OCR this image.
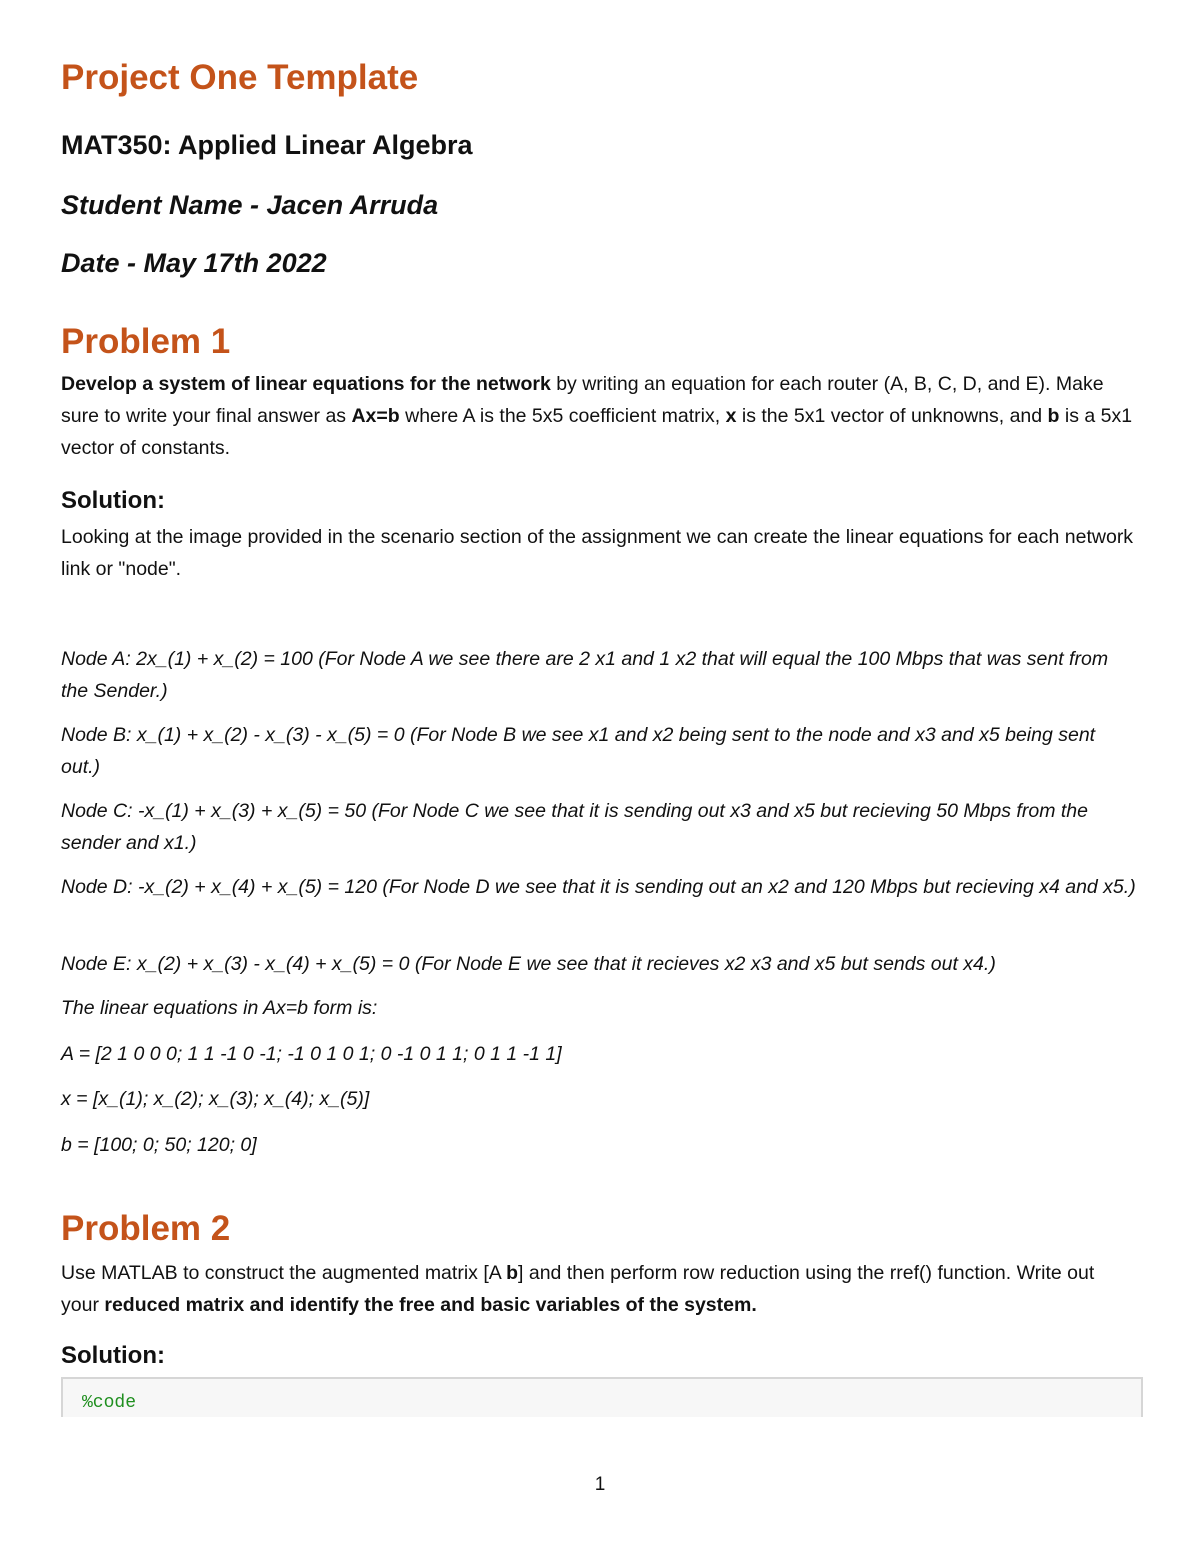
Project One Template

MAT350: Applied Linear Algebra

Student Name - Jacen Arruda

Date - May 17th 2022

Problem 1

Develop a system of linear equations for the network by writing an equation for each router (A, B, C, D, and E). Make sure to write your final answer as Ax=b where A is the 5x5 coefficient matrix, x is the 5x1 vector of unknowns, and b is a 5x1 vector of constants.

Solution:

Looking at the image provided in the scenario section of the assignment we can create the linear equations for each network link or "node".

Node A: 2x_(1) + x_(2) = 100 (For Node A we see there are 2 x1 and 1 x2 that will equal the 100 Mbps that was sent from the Sender.)

Node B: x_(1) + x_(2) - x_(3) - x_(5) = 0 (For Node B we see x1 and x2 being sent to the node and x3 and x5 being sent out.)

Node C: -x_(1) + x_(3) + x_(5) = 50 (For Node C we see that it is sending out x3 and x5 but recieving 50 Mbps from the sender and x1.)

Node D: -x_(2) + x_(4) + x_(5) = 120 (For Node D we see that it is sending out an x2 and 120 Mbps but recieving x4 and x5.)

Node E: x_(2) + x_(3) - x_(4) + x_(5) = 0 (For Node E we see that it recieves x2 x3 and x5 but sends out x4.)

The linear equations in Ax=b form is:

A = [2 1 0 0 0; 1 1 -1 0 -1; -1 0 1 0 1; 0 -1 0 1 1; 0 1 1 -1 1]

x = [x_(1); x_(2); x_(3); x_(4); x_(5)]

b = [100; 0; 50; 120; 0]

Problem 2

Use MATLAB to construct the augmented matrix [A b] and then perform row reduction using the rref() function. Write out your reduced matrix and identify the free and basic variables of the system.

Solution:
%code
1
